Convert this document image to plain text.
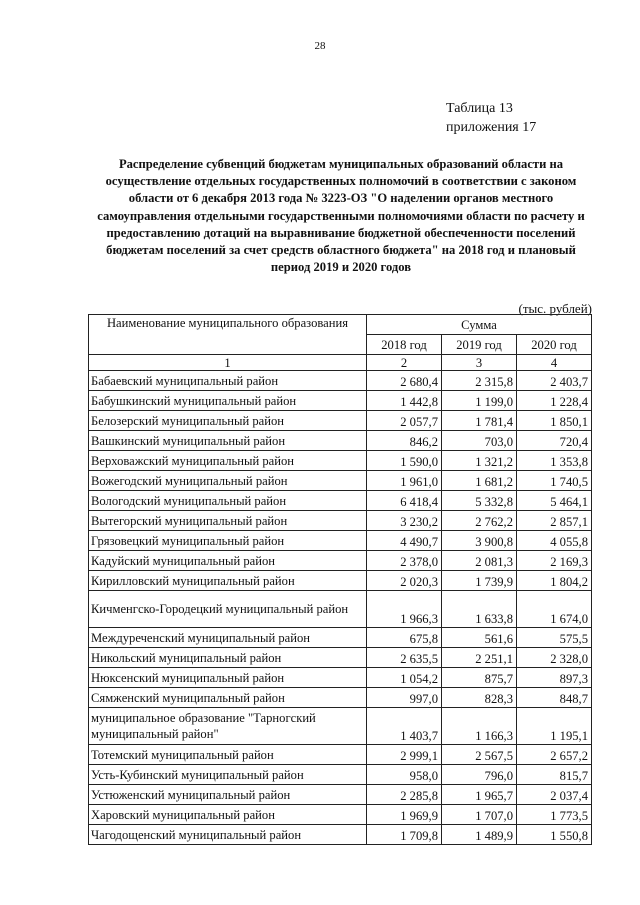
28
Таблица 13
приложения 17
Распределение субвенций бюджетам муниципальных образований области на осуществление отдельных государственных полномочий в соответствии с законом области от 6 декабря 2013 года № 3223-ОЗ "О наделении органов местного самоуправления отдельными государственными полномочиями области по расчету и предоставлению дотаций на выравнивание бюджетной обеспеченности поселений бюджетам поселений за счет средств областного бюджета" на 2018 год и плановый период 2019 и 2020 годов
(тыс. рублей)
Наименование муниципального образования	Сумма		
	2018 год	2019 год	2020 год
1	2	3	4
Бабаевский муниципальный район	2 680,4	2 315,8	2 403,7
Бабушкинский муниципальный район	1 442,8	1 199,0	1 228,4
Белозерский муниципальный район	2 057,7	1 781,4	1 850,1
Вашкинский муниципальный район	846,2	703,0	720,4
Верховажский муниципальный район	1 590,0	1 321,2	1 353,8
Вожегодский муниципальный район	1 961,0	1 681,2	1 740,5
Вологодский муниципальный район	6 418,4	5 332,8	5 464,1
Вытегорский муниципальный район	3 230,2	2 762,2	2 857,1
Грязовецкий муниципальный район	4 490,7	3 900,8	4 055,8
Кадуйский муниципальный район	2 378,0	2 081,3	2 169,3
Кирилловский муниципальный район	2 020,3	1 739,9	1 804,2
Кичменгско-Городецкий муниципальный район	1 966,3	1 633,8	1 674,0
Междуреченский муниципальный район	675,8	561,6	575,5
Никольский муниципальный район	2 635,5	2 251,1	2 328,0
Нюксенский муниципальный район	1 054,2	875,7	897,3
Сямженский муниципальный район	997,0	828,3	848,7
муниципальное образование "Тарногский муниципальный район"	1 403,7	1 166,3	1 195,1
Тотемский муниципальный район	2 999,1	2 567,5	2 657,2
Усть-Кубинский муниципальный район	958,0	796,0	815,7
Устюженский муниципальный район	2 285,8	1 965,7	2 037,4
Харовский муниципальный район	1 969,9	1 707,0	1 773,5
Чагодощенский муниципальный район	1 709,8	1 489,9	1 550,8
